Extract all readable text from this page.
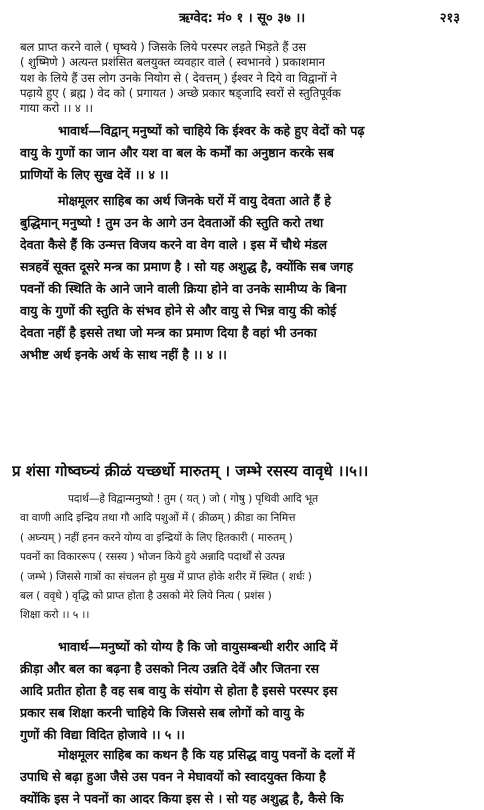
ऋग्वेद: मं० १ । सू० ३७ ।।	२१३
बल प्राप्त करने वाले ( घृष्वये ) जिसके लिये परस्पर लड़ते भिड़ते हैं उस
( शुष्मिणे ) अत्यन्त प्रशंसित बलयुक्त व्यवहार वाले ( स्वभानवे ) प्रकाशमान
यश के लिये हैं उस लोग उनके नियोग से ( देवत्तम् ) ईश्वर ने दिये वा विद्वानों ने
पढ़ाये हुए ( ब्रह्म ) वेद को ( प्रगायत ) अच्छे प्रकार षड्जादि स्वरों से स्तुतिपूर्वक
गाया करो ।। ४ ।।
भावार्थ—विद्वान् मनुष्यों को चाहिये कि ईश्वर के कहे हुए वेदों को पढ़
वायु के गुणों का जान और यश वा बल के कर्मों का अनुष्ठान करके सब
प्राणियों के लिए सुख देवें ।। ४ ।।
मोक्षमूलर साहिब का अर्थ जिनके घरों में वायु देवता आते हैं हे
बुद्धिमान् मनुष्यो ! तुम उन के आगे उन देवताओं की स्तुति करो तथा
देवता कैसे हैं कि उन्मत्त विजय करने वा वेग वाले । इस में चौथे मंडल
सत्रहवें सूक्त दूसरे मन्त्र का प्रमाण है । सो यह अशुद्ध है, क्योंकि सब जगह
पवनों की स्थिति के आने जाने वाली क्रिया होने वा उनके सामीप्य के बिना
वायु के गुणों की स्तुति के संभव होने से और वायु से भिन्न वायु की कोई
देवता नहीं है इससे तथा जो मन्त्र का प्रमाण दिया है वहां भी उनका
अभीष्ट अर्थ इनके अर्थ के साथ नहीं है ।। ४ ।।
प्र शंसा गोष्वघ्न्यं क्रीळं यच्छर्धो मारुतम् । जम्भे रसस्य वावृधे ।।५।।
पदार्थ—हे विद्वान्मनुष्यो ! तुम ( यत् ) जो ( गोषु ) पृथिवी आदि भूत
वा वाणी आदि इन्द्रिय तथा गौ आदि पशुओं में ( क्रीळम् ) क्रीडा का निमित्त
( अघ्न्यम् ) नहीं हनन करने योग्य वा इन्द्रियों के लिए हितकारी ( मारुतम् )
पवनों का विकाररूप ( रसस्य ) भोजन किये हुये अन्नादि पदार्थों से उत्पन्न
( जम्भे ) जिससे गात्रों का संचलन हो मुख में प्राप्त होके शरीर में स्थित ( शर्धः )
बल ( ववृधे ) वृद्धि को प्राप्त होता है उसको मेरे लिये नित्य ( प्रशंस )
शिक्षा करो ।। ५ ।।
भावार्थ—मनुष्यों को योग्य है कि जो वायुसम्बन्धी शरीर आदि में
क्रीड़ा और बल का बढ़ना है उसको नित्य उन्नति देवें और जितना रस
आदि प्रतीत होता है वह सब वायु के संयोग से होता है इससे परस्पर इस
प्रकार सब शिक्षा करनी चाहिये कि जिससे सब लोगों को वायु के
गुणों की विद्या विदित होजावे ।। ५ ।।
मोक्षमूलर साहिब का कथन है कि यह प्रसिद्ध वायु पवनों के दलों में
उपाधि से बढ़ा हुआ जैसे उस पवन ने मेघावयों को स्वादयुक्त किया है
क्योंकि इस ने पवनों का आदर किया इस से । सो यह अशुद्ध है, कैसे कि
